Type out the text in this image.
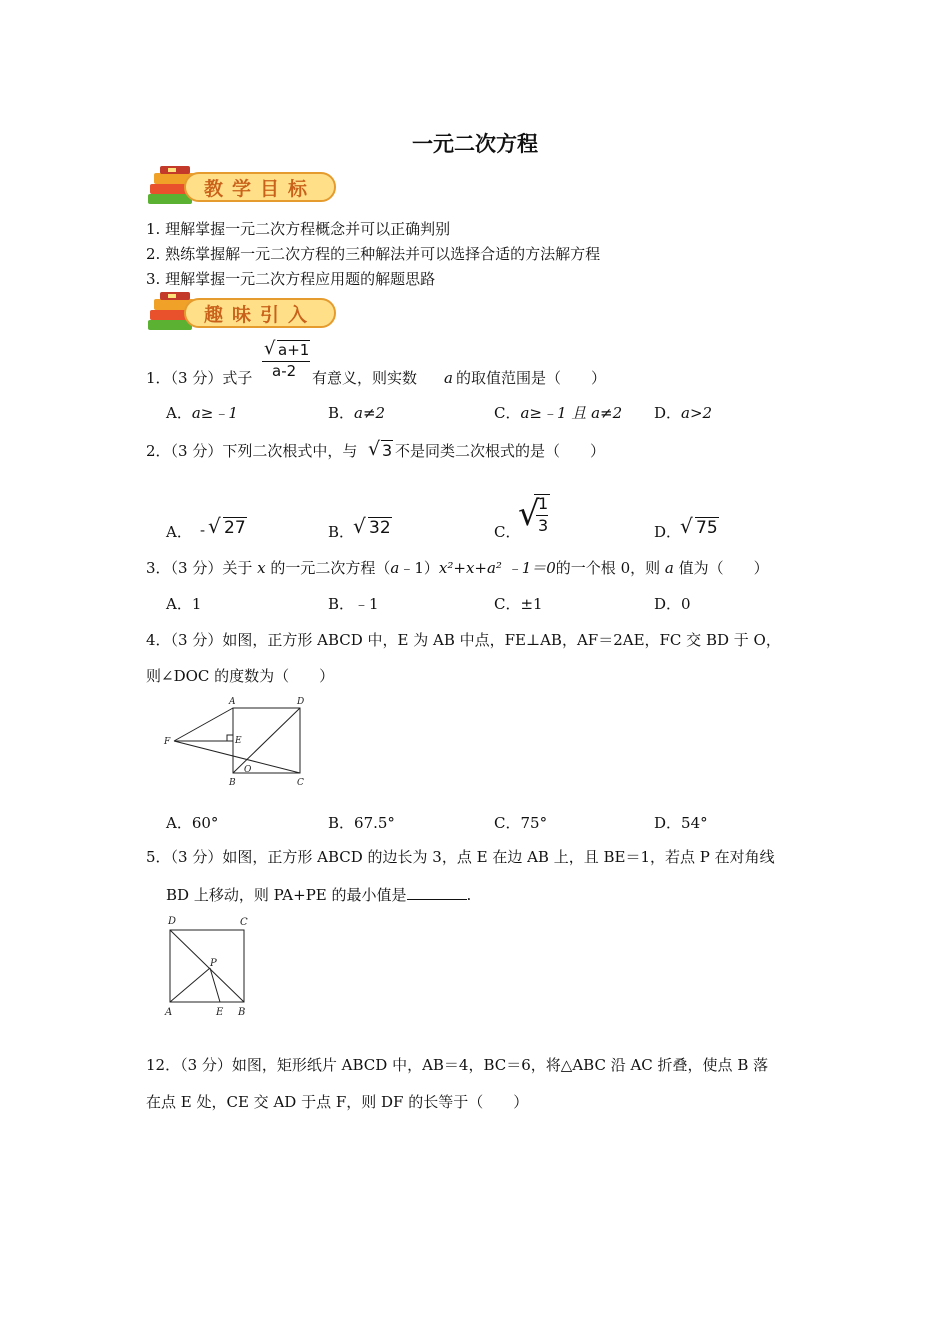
一元二次方程
教学目标
1. 理解掌握一元二次方程概念并可以正确判别
2. 熟练掌握解一元二次方程的三种解法并可以选择合适的方法解方程
3. 理解掌握一元二次方程应用题的解题思路
趣味引入
1．（3 分）式子
√ a+1
a-2 有意义，则实数 a 的取值范围是（　　）
A．a≥﹣1	B．a≠2	C．a≥﹣1 且 a≠2 D．a>2
2．（3 分）下列二次根式中，与 √ 3 不是同类二次根式的是（　　）
A． - √ 27	B．
√ 32	C．
√
1
3	D．
√ 75
3．（3 分）关于 x 的一元二次方程（a﹣1）x²+x+a² ﹣1＝0的一个根 0，则 a 值为（　　）
A．1	B．﹣1	C．±1	D．0
4．（3 分）如图，正方形 ABCD 中，E 为 AB 中点，FE⊥AB，AF＝2AE，FC 交 BD 于 O，
则∠DOC 的度数为（　　）
A	D
F	E
O
B	C
A．60°	B．67.5°	C．75°	D．54°
5．（3 分）如图，正方形 ABCD 的边长为 3，点 E 在边 AB 上，且 BE＝1，若点 P 在对角线
BD 上移动，则 PA+PE 的最小值是	.
D	C
P
A	E B
12．（3 分）如图，矩形纸片 ABCD 中，AB＝4，BC＝6，将△ABC 沿 AC 折叠，使点 B 落
在点 E 处，CE 交 AD 于点 F，则 DF 的长等于（　　）
